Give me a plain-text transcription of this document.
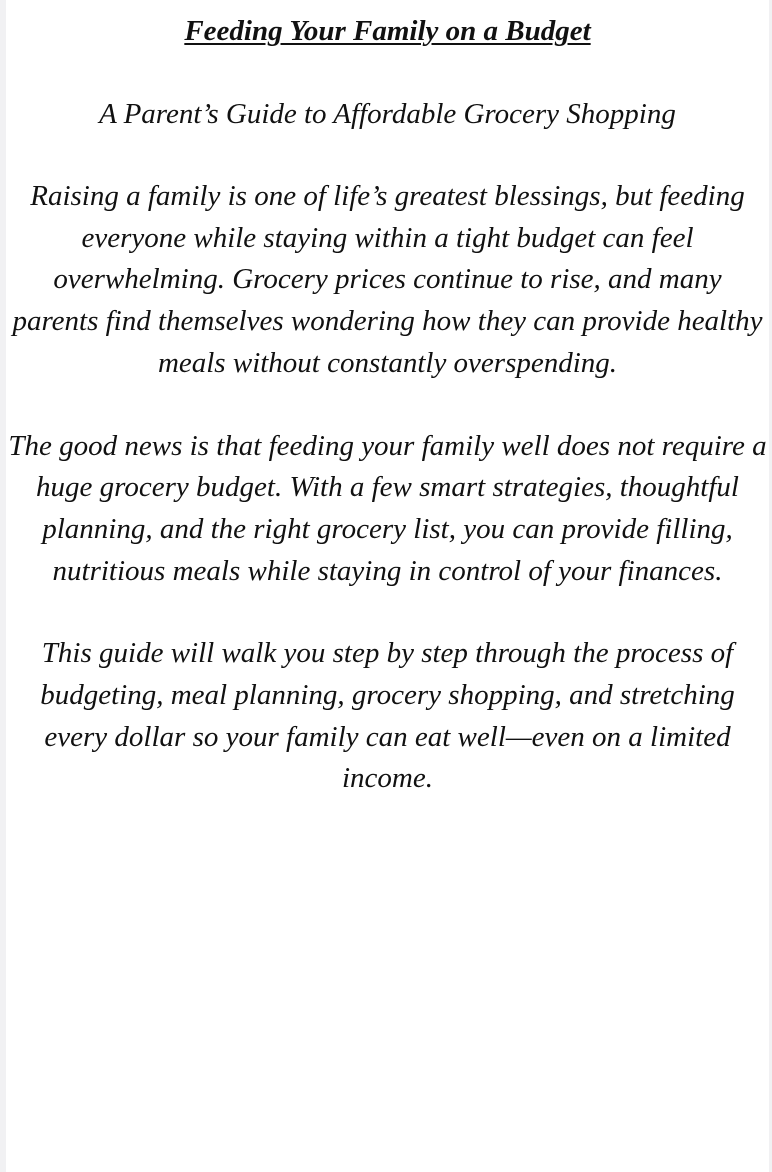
Feeding Your Family on a Budget
A Parent’s Guide to Affordable Grocery Shopping

Raising a family is one of life’s greatest blessings, but feeding everyone while staying within a tight budget can feel overwhelming. Grocery prices continue to rise, and many parents find themselves wondering how they can provide healthy meals without constantly overspending.

The good news is that feeding your family well does not require a huge grocery budget. With a few smart strategies, thoughtful planning, and the right grocery list, you can provide filling, nutritious meals while staying in control of your finances.

This guide will walk you step by step through the process of budgeting, meal planning, grocery shopping, and stretching every dollar so your family can eat well—even on a limited income.
